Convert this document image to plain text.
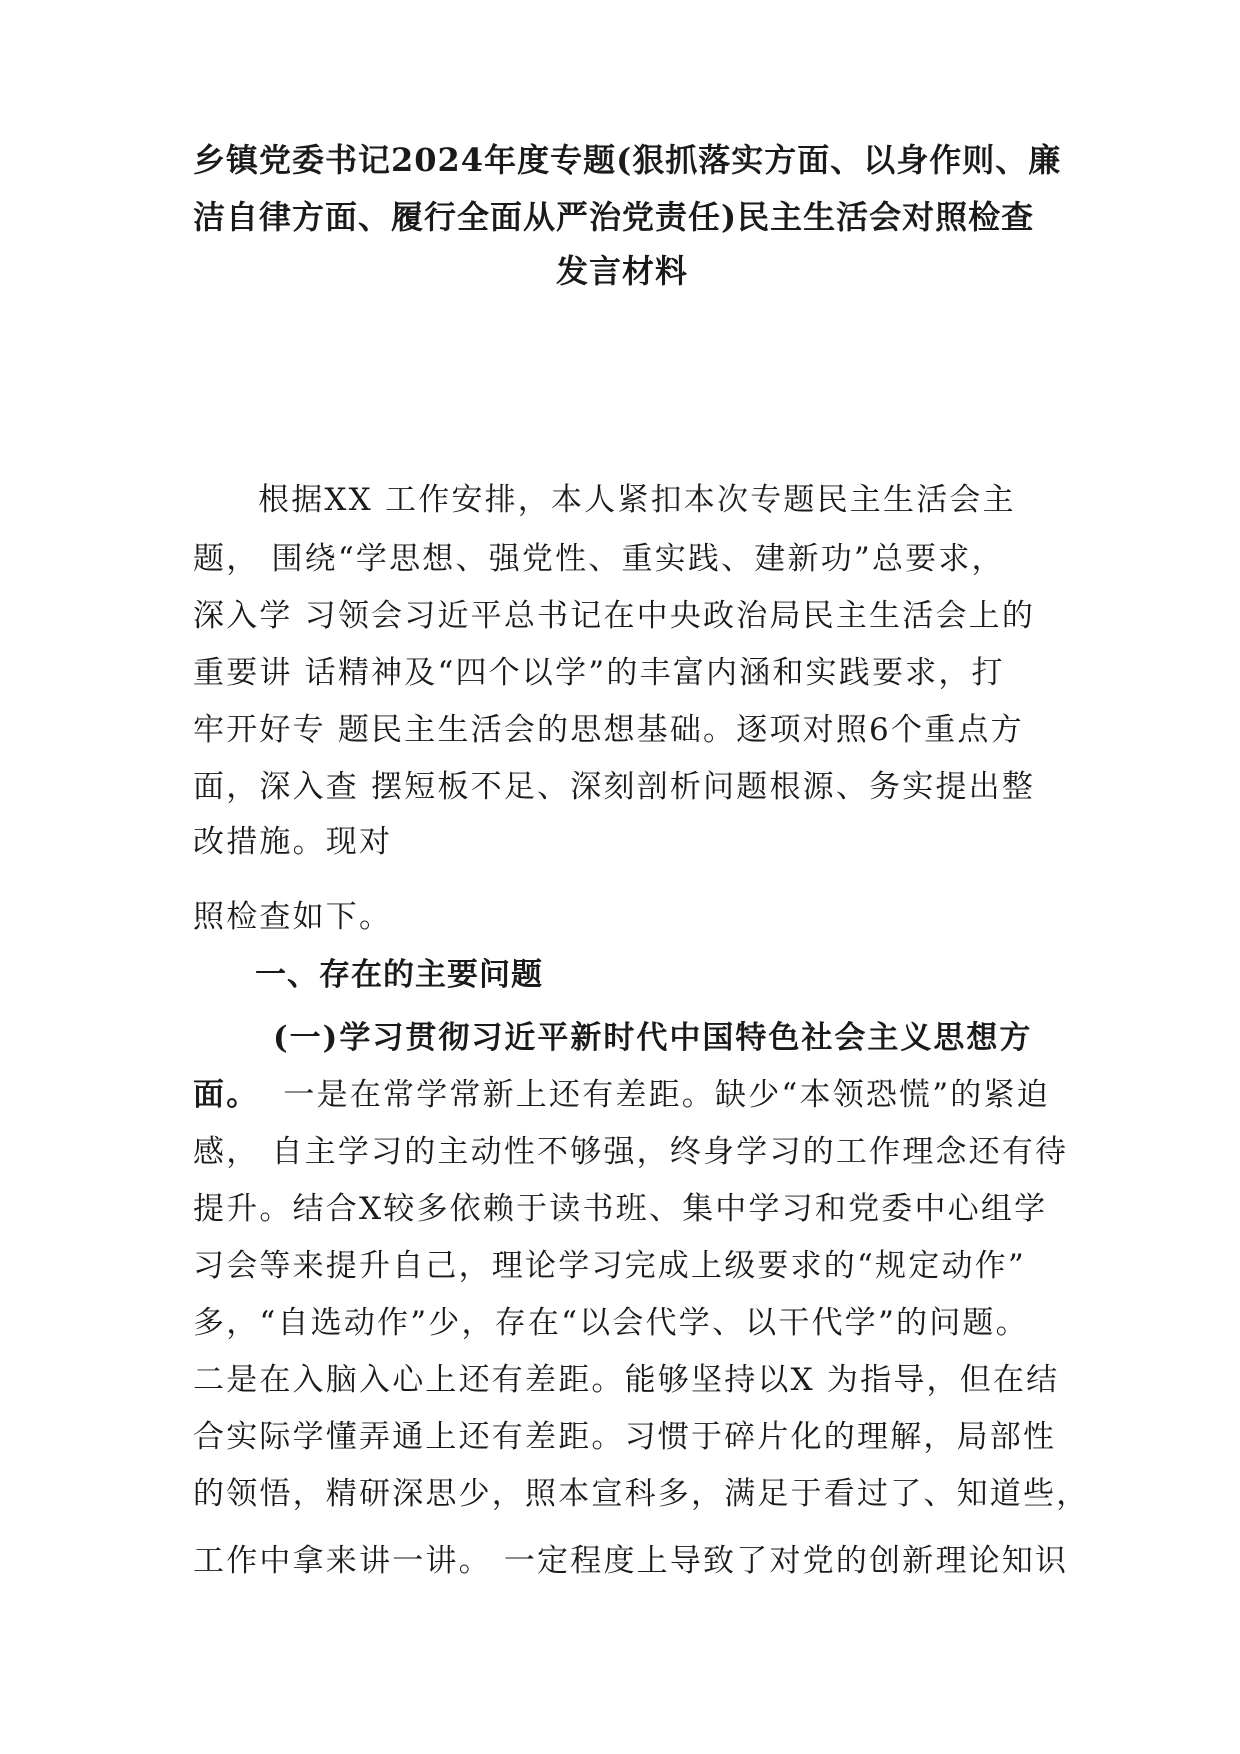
乡镇党委书记2024年度专题(狠抓落实方面、以身作则、廉
洁自律方面、履行全面从严治党责任)民主生活会对照检查
发言材料
根据XX 工作安排，本人紧扣本次专题民主生活会主
题， 围绕“学思想、强党性、重实践、建新功”总要求，
深入学 习领会习近平总书记在中央政治局民主生活会上的
重要讲 话精神及“四个以学”的丰富内涵和实践要求，打
牢开好专 题民主生活会的思想基础。逐项对照6个重点方
面，深入查 摆短板不足、深刻剖析问题根源、务实提出整
改措施。现对
照检查如下。
一、存在的主要问题
(一)学习贯彻习近平新时代中国特色社会主义思想方
面。 一是在常学常新上还有差距。缺少“本领恐慌”的紧迫
感， 自主学习的主动性不够强，终身学习的工作理念还有待
提升。结合X较多依赖于读书班、集中学习和党委中心组学
习会等来提升自己，理论学习完成上级要求的“规定动作”
多，“自选动作”少，存在“以会代学、以干代学”的问题。
二是在入脑入心上还有差距。能够坚持以X 为指导，但在结
合实际学懂弄通上还有差距。习惯于碎片化的理解，局部性
的领悟，精研深思少，照本宣科多，满足于看过了、知道些，
工作中拿来讲一讲。 一定程度上导致了对党的创新理论知识
